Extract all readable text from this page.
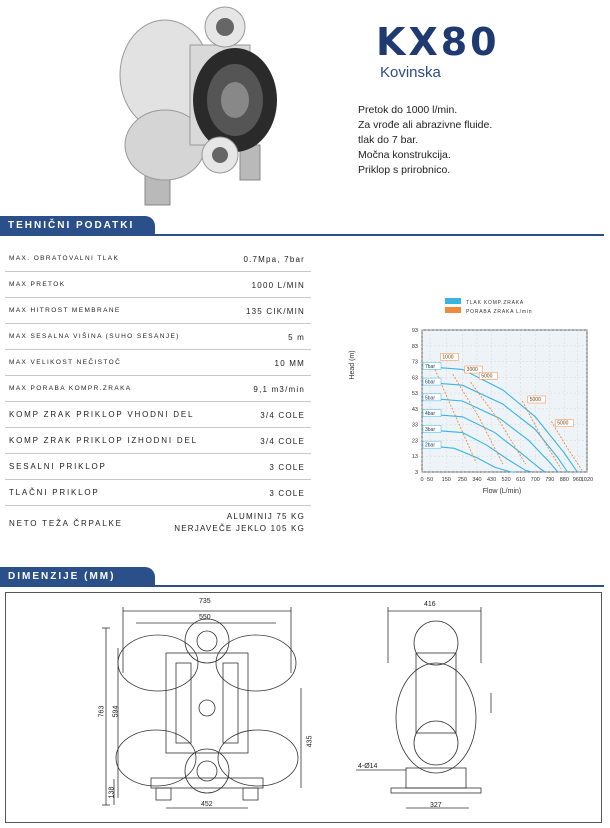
KX80
Kovinska
Pretok do 1000 l/min.
Za vrođe ali abrazivne fluide.
tlak do 7 bar.
Močna konstrukcija.
Priklop s prirobnico.
TEHNIČNI PODATKI
MAX. OBRATOVALNI TLAK	0.7Mpa, 7bar
MAX PRETOK	1000 L/MIN
MAX HITROST MEMBRANE	135 CIK/MIN
MAX SESALNA VIŠINA (SUHO SESANJE)	5 m
MAX VELIKOST NEČISTOČ	10 MM
MAX PORABA KOMPR.ZRAKA	9,1 m3/min
KOMP ZRAK PRIKLOP VHODNI DEL	3/4 COLE
KOMP ZRAK PRIKLOP IZHODNI DEL	3/4 COLE
SESALNI PRIKLOP	3 COLE
TLAČNI PRIKLOP	3 COLE
NETO TEŽA ČRPALKE
ALUMINIJ 75 KG
NERJAVEČE JEKLO 105 KG
TLAK KOMP.ZRAKA
PORABA ZRAKA L/min
3
13
23
33
43
53
63
73
83
93
0 50 150 250 340 430 520 610 700 790 880 960
1020
Flow (L/min)
Head (m)	7bar
6bar
5bar
4bar
3bar
2bar
1000
3000
5000
5000
5000
DIMENZIJE (MM)
735
550
763 594
435
138
452
416
4-Ø14
327
